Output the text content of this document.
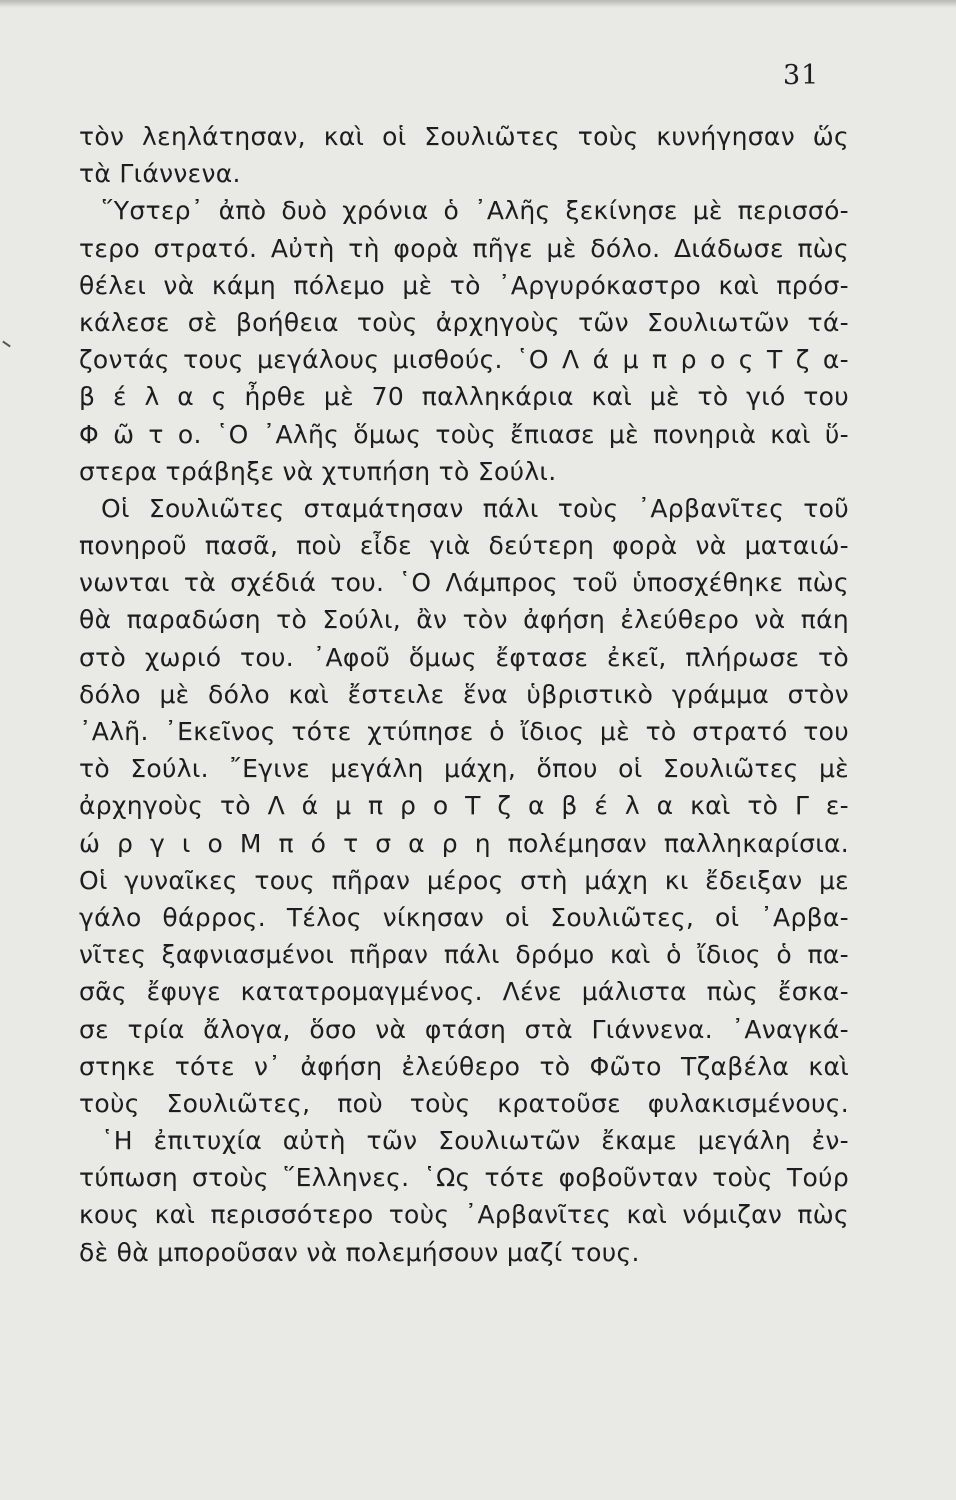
31
τὸν λεηλάτησαν, καὶ οἱ Σουλιῶτες τοὺς κυνήγησαν ὥς
τὰ Γιάννενα.
῞Υστερ᾽ ἀπὸ δυὸ χρόνια ὁ ᾽Αλῆς ξεκίνησε μὲ περισσό-
τερο στρατό. Αὐτὴ τὴ φορὰ πῆγε μὲ δόλο. Διάδωσε πὼς
θέλει νὰ κάμη πόλεμο μὲ τὸ ᾽Αργυρόκαστρο καὶ πρόσ-
κάλεσε σὲ βοήθεια τοὺς ἀρχηγοὺς τῶν Σουλιωτῶν τά-
ζοντάς τους μεγάλους μισθούς. ῾Ο Λ ά μ π ρ ο ς Τ ζ α-
β έ λ α ς ἦρθε μὲ 70 παλληκάρια καὶ μὲ τὸ γιό του
Φ ῶ τ ο. ῾Ο ᾽Αλῆς ὅμως τοὺς ἔπιασε μὲ πονηριὰ καὶ ὕ-
στερα τράβηξε νὰ χτυπήση τὸ Σούλι.
Οἱ Σουλιῶτες σταμάτησαν πάλι τοὺς ᾽Αρβανῖτες τοῦ
πονηροῦ πασᾶ, ποὺ εἶδε γιὰ δεύτερη φορὰ νὰ ματαιώ-
νωνται τὰ σχέδιά του. ῾Ο Λάμπρος τοῦ ὑποσχέθηκε πὼς
θὰ παραδώση τὸ Σούλι, ἂν τὸν ἀφήση ἐλεύθερο νὰ πάη
στὸ χωριό του. ᾽Αφοῦ ὅμως ἔφτασε ἐκεῖ, πλήρωσε τὸ
δόλο μὲ δόλο καὶ ἔστειλε ἕνα ὑβριστικὸ γράμμα στὸν
᾽Αλῆ. ᾽Εκεῖνος τότε χτύπησε ὁ ἴδιος μὲ τὸ στρατό του
τὸ Σούλι. ῎Εγινε μεγάλη μάχη, ὅπου οἱ Σουλιῶτες μὲ
ἀρχηγοὺς τὸ Λ ά μ π ρ ο Τ ζ α β έ λ α καὶ τὸ Γ ε-
ώ ρ γ ι ο Μ π ό τ σ α ρ η πολέμησαν παλληκαρίσια.
Οἱ γυναῖκες τους πῆραν μέρος στὴ μάχη κι ἔδειξαν με
γάλο θάρρος. Τέλος νίκησαν οἱ Σουλιῶτες, οἱ ᾽Αρβα-
νῖτες ξαφνιασμένοι πῆραν πάλι δρόμο καὶ ὁ ἴδιος ὁ πα-
σᾶς ἔφυγε κατατρομαγμένος. Λένε μάλιστα πὼς ἔσκα-
σε τρία ἄλογα, ὅσο νὰ φτάση στὰ Γιάννενα. ᾽Αναγκά-
στηκε τότε ν᾽ ἀφήση ἐλεύθερο τὸ Φῶτο Τζαβέλα καὶ
τοὺς Σουλιῶτες, ποὺ τοὺς κρατοῦσε φυλακισμένους.
῾Η ἐπιτυχία αὐτὴ τῶν Σουλιωτῶν ἔκαμε μεγάλη ἐν-
τύπωση στοὺς ῞Ελληνες. ῾Ως τότε φοβοῦνταν τοὺς Τούρ
κους καὶ περισσότερο τοὺς ᾽Αρβανῖτες καὶ νόμιζαν πὼς
δὲ θὰ μποροῦσαν νὰ πολεμήσουν μαζί τους.
